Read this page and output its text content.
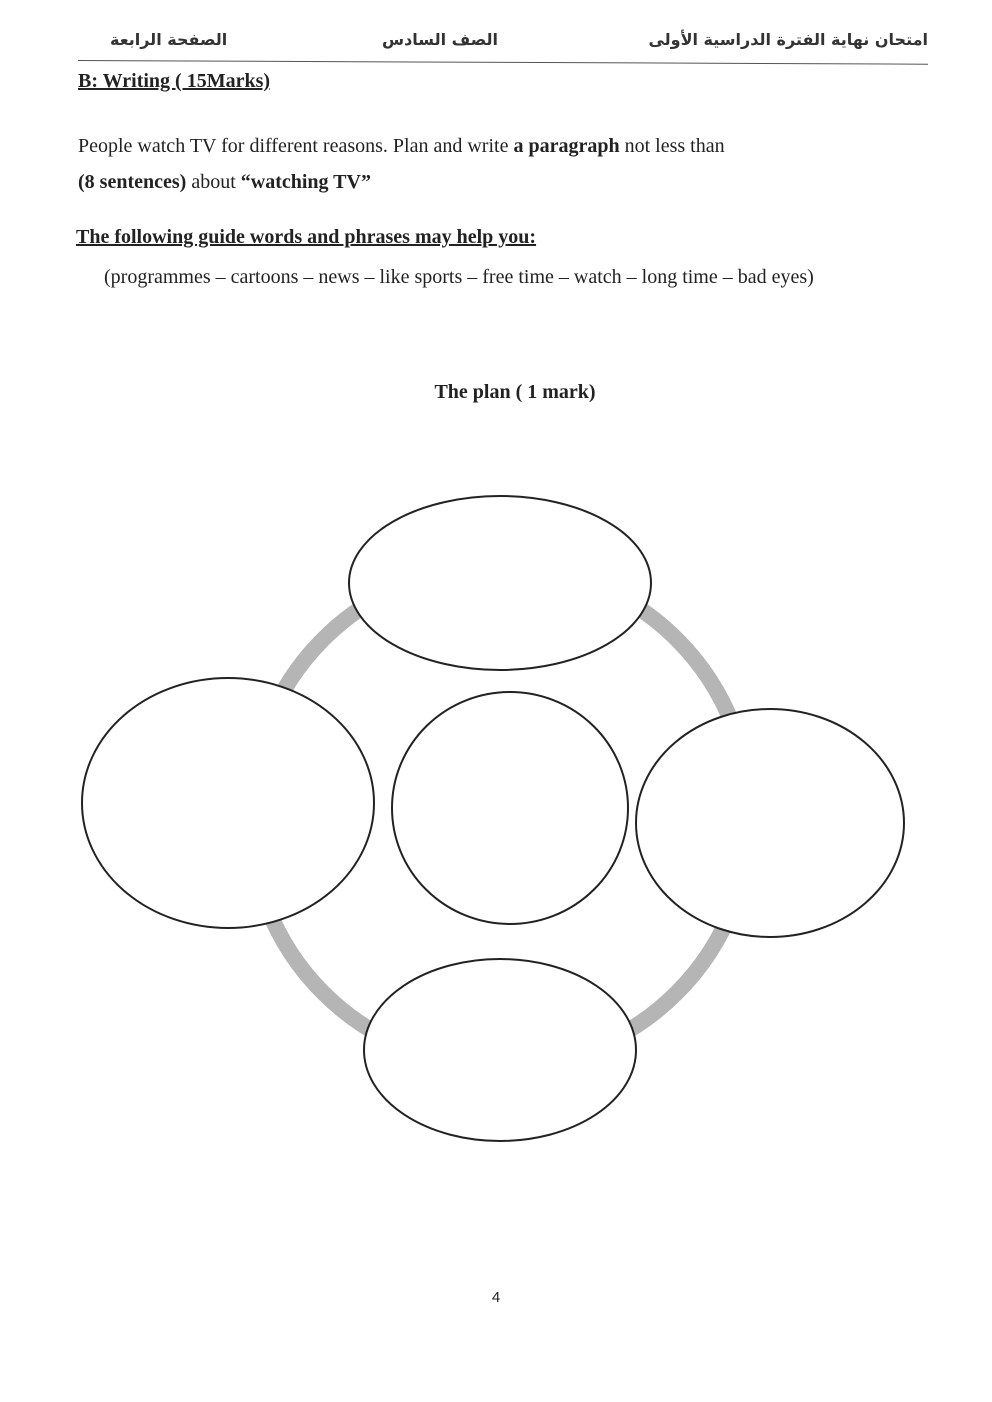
امتحان نهاية الفترة الدراسية الأولى
الصف السادس
الصفحة الرابعة
B: Writing ( 15Marks)
People watch TV for different reasons. Plan and write a paragraph not less than
(8 sentences) about “watching TV”
The following guide words and phrases may help you:
(programmes – cartoons – news – like sports – free time – watch – long time – bad eyes)
The plan ( 1 mark)
4
